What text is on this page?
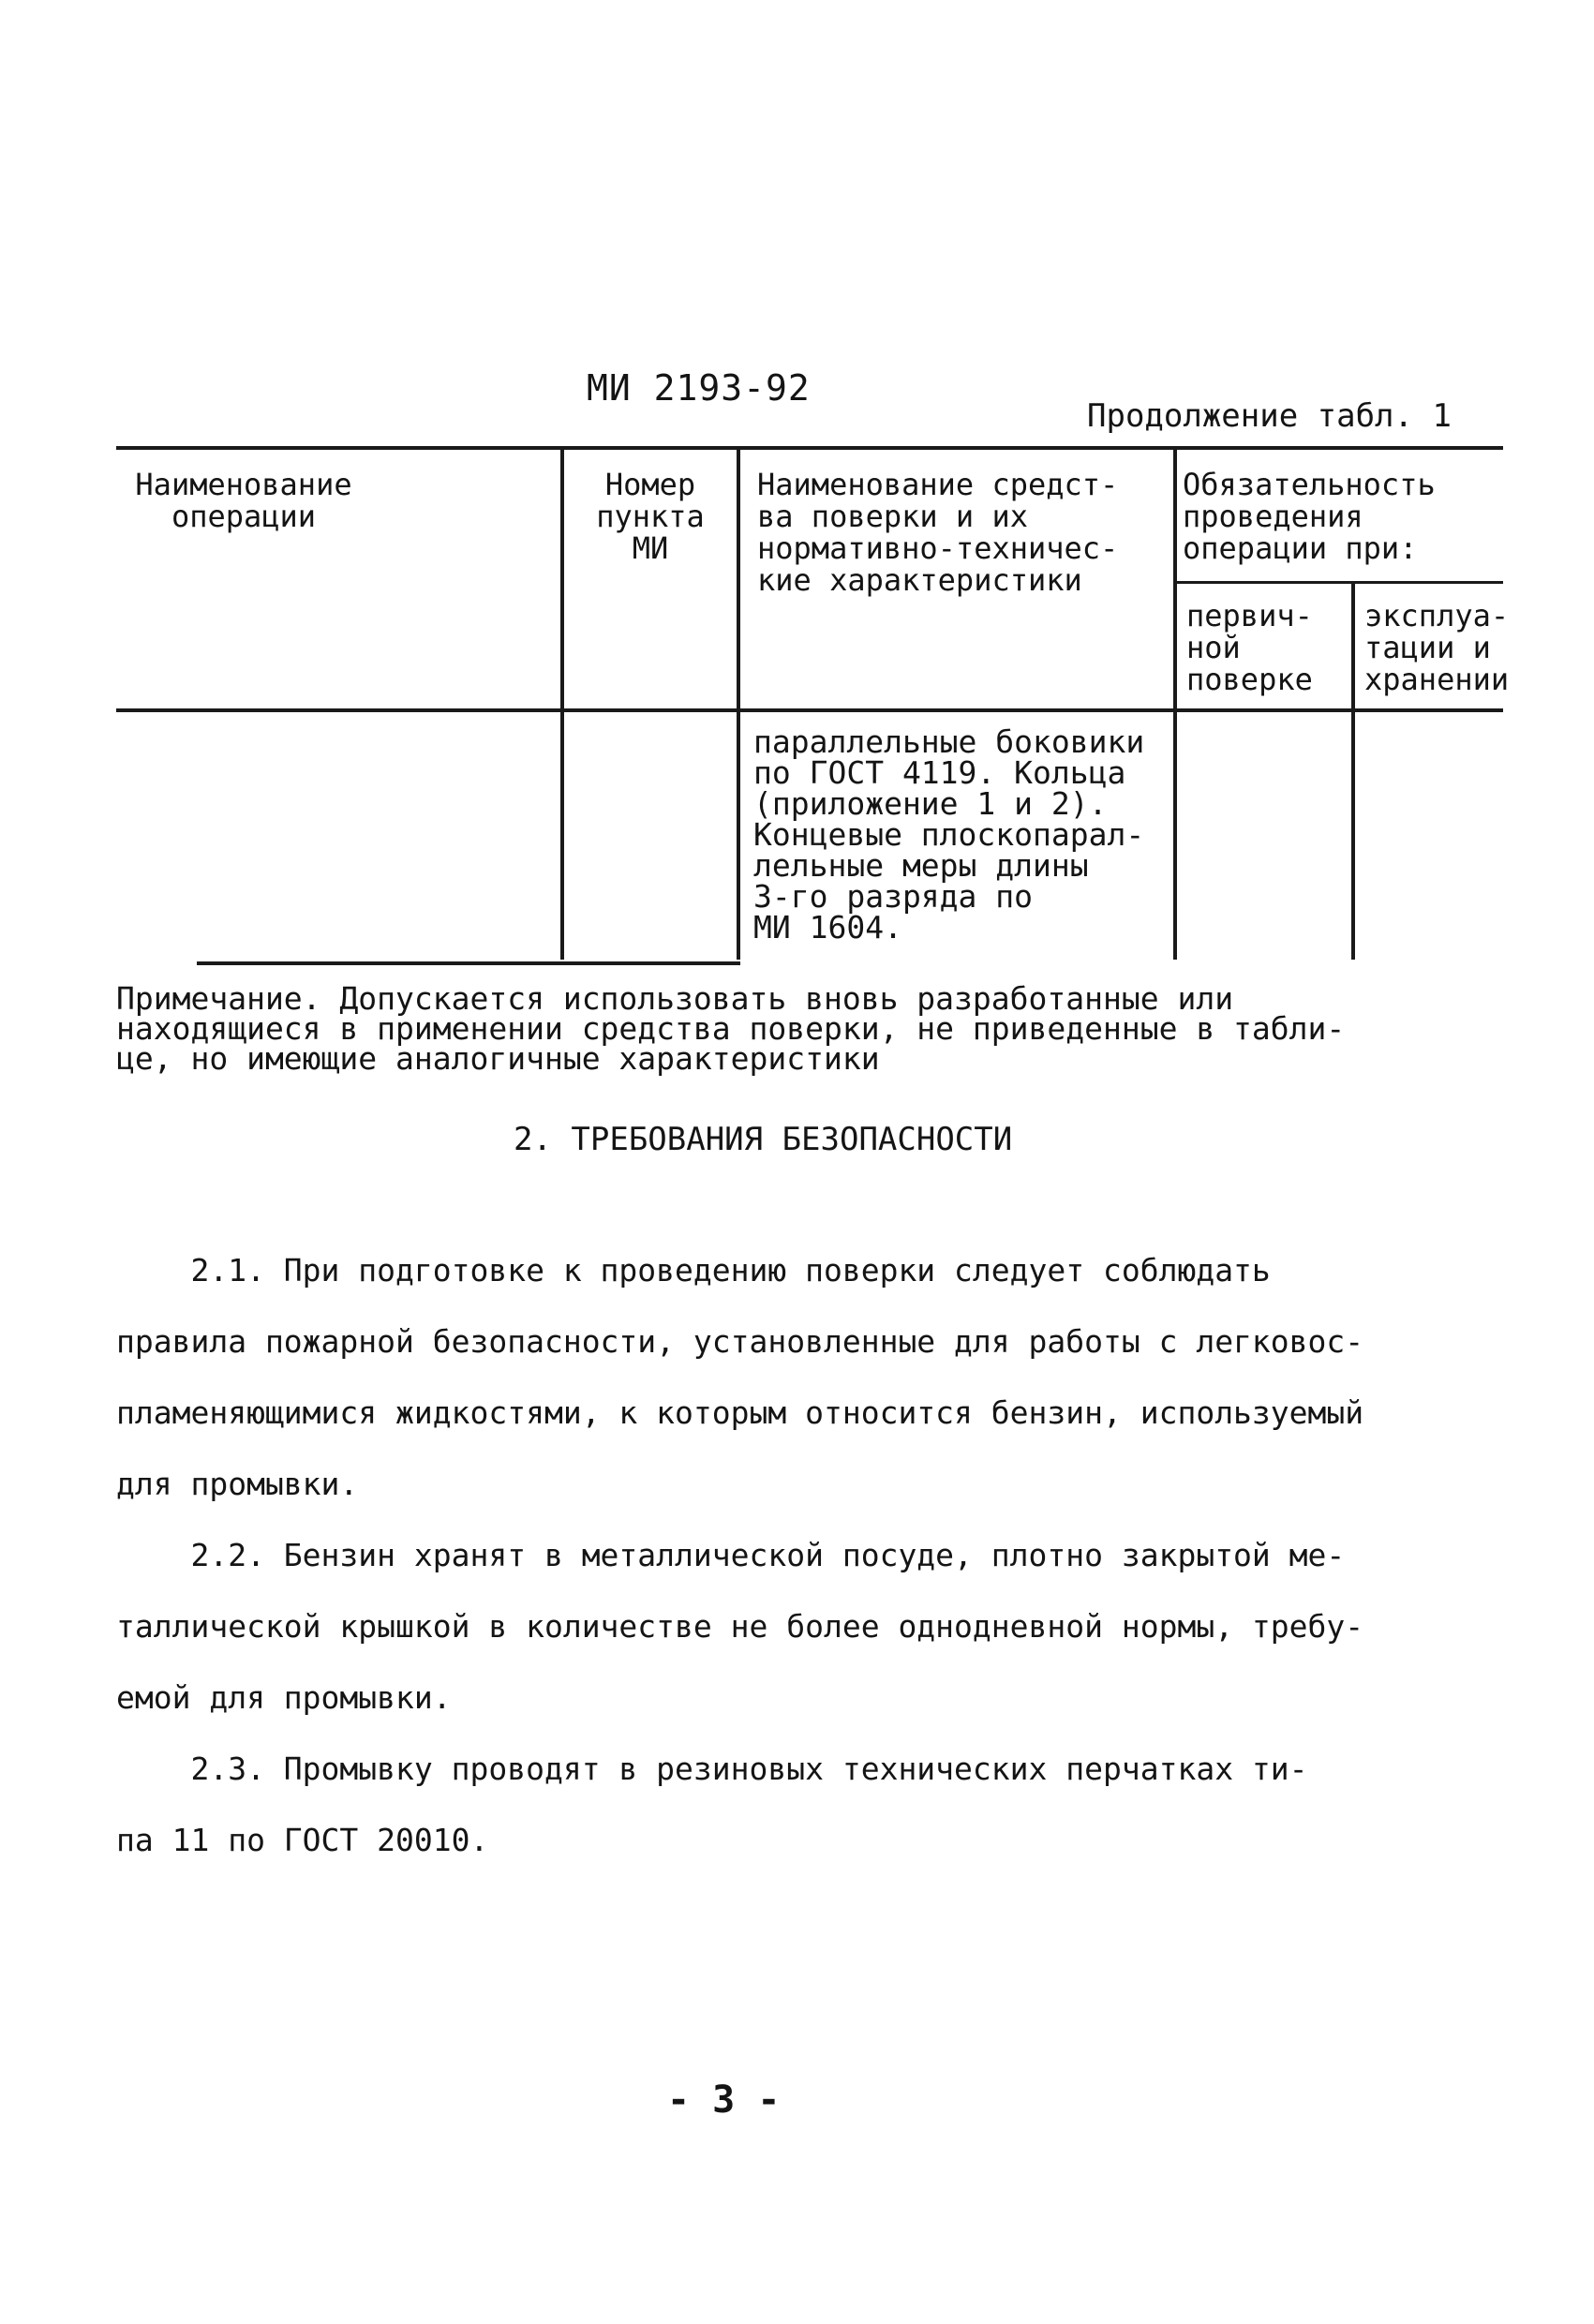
МИ 2193-92
Продолжение табл. 1
Наименование
операции
Номер
пункта
МИ
Наименование средст-
ва поверки и их
нормативно-техничес-
кие характеристики
Обязательность
проведения
операции при:
первич-
ной
поверке
эксплуа-
тации и
хранении
параллельные боковики
по ГОСТ 4119. Кольца
(приложение 1 и 2).
Концевые плоскопарал-
лельные меры длины
3-го разряда по
МИ 1604.
Примечание. Допускается использовать вновь разработанные или
находящиеся в применении средства поверки, не приведенные в табли-
це, но имеющие аналогичные характеристики
2. ТРЕБОВАНИЯ БЕЗОПАСНОСТИ
2.1. При подготовке к проведению поверки следует соблюдать
правила пожарной безопасности, установленные для работы с легковос-
пламеняющимися жидкостями, к которым относится бензин, используемый
для промывки.
2.2. Бензин хранят в металлической посуде, плотно закрытой ме-
таллической крышкой в количестве не более однодневной нормы, требу-
емой для промывки.
2.3. Промывку проводят в резиновых технических перчатках ти-
па 11 по ГОСТ 20010.
- 3 -
